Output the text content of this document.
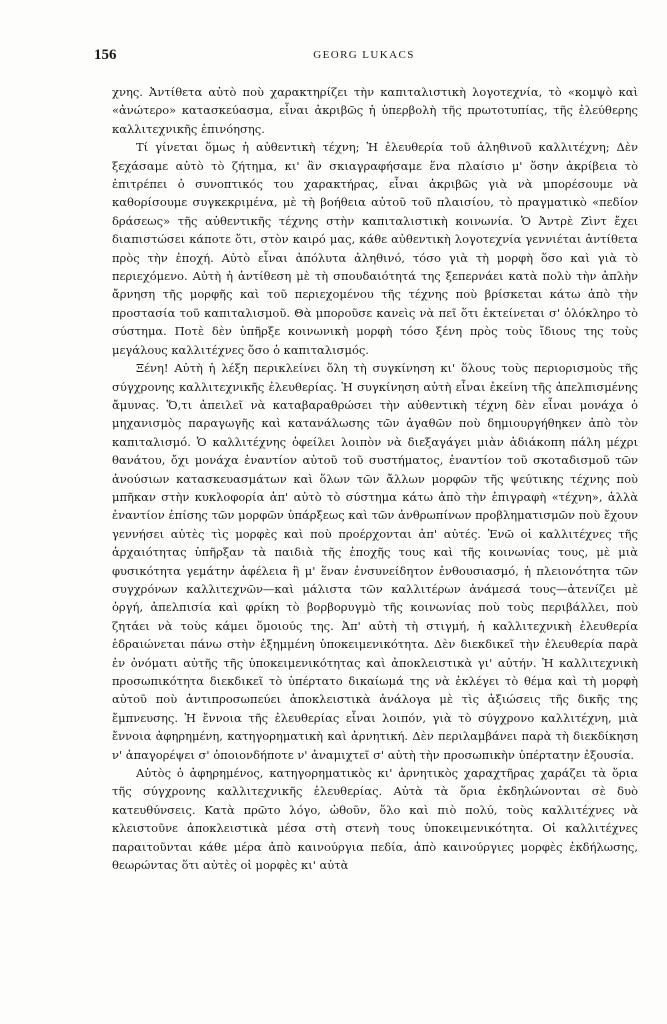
156	GEORG LUKACS

χνης. Ἀντίθετα αὐτὸ ποὺ χαρακτηρίζει τὴν καπιταλιστικὴ λογοτεχνία, τὸ «κομψὸ καὶ «ἀνώτερο» κατασκεύασμα, εἶναι ἀκριβῶς ἡ ὑπερβολὴ τῆς πρωτοτυπίας, τῆς ἐλεύθερης καλλιτεχνικῆς ἐπινόησης.

Τί γίνεται ὅμως ἡ αὐθεντικὴ τέχνη; Ἡ ἐλευθερία τοῦ ἀληθινοῦ καλλιτέχνη; Δὲν ξεχάσαμε αὐτὸ τὸ ζήτημα, κι' ἂν σκιαγραφήσαμε ἕνα πλαίσιο μ' ὅσην ἀκρίβεια τὸ ἐπιτρέπει ὁ συνοπτικός του χαρακτήρας, εἶναι ἀκριβῶς γιὰ νὰ μπορέσουμε νὰ καθορίσουμε συγκεκριμένα, μὲ τὴ βοήθεια αὐτοῦ τοῦ πλαισίου, τὸ πραγματικὸ «πεδίον δράσεως» τῆς αὐθεντικῆς τέχνης στὴν καπιταλιστικὴ κοινωνία. Ὁ Ἀντρὲ Ζὶντ ἔχει διαπιστώσει κάποτε ὅτι, στὸν καιρό μας, κάθε αὐθεντικὴ λογοτεχνία γεννιέται ἀντίθετα πρὸς τὴν ἐποχή. Αὐτὸ εἶναι ἀπόλυτα ἀληθινό, τόσο γιὰ τὴ μορφὴ ὅσο καὶ γιὰ τὸ περιεχόμενο. Αὐτὴ ἡ ἀντίθεση μὲ τὴ σπουδαιότητά της ξεπερνάει κατὰ πολὺ τὴν ἁπλὴν ἄρνηση τῆς μορφῆς καὶ τοῦ περιεχομένου τῆς τέχνης ποὺ βρίσκεται κάτω ἀπὸ τὴν προστασία τοῦ καπιταλισμοῦ. Θὰ μποροῦσε κανεὶς νὰ πεῖ ὅτι ἐκτείνεται σ' ὁλόκληρο τὸ σύστημα. Ποτὲ δὲν ὑπῆρξε κοινωνικὴ μορφὴ τόσο ξένη πρὸς τοὺς ἴδιους της τοὺς μεγάλους καλλιτέχνες ὅσο ὁ καπιταλισμός.

Ξένη! Αὐτὴ ἡ λέξη περικλείνει ὅλη τὴ συγκίνηση κι' ὅλους τοὺς περιορισμοὺς τῆς σύγχρονης καλλιτεχνικῆς ἐλευθερίας. Ἡ συγκίνηση αὐτὴ εἶναι ἐκείνη τῆς ἀπελπισμένης ἄμυνας. Ὅ,τι ἀπειλεῖ νὰ καταβαραθρώσει τὴν αὐθεντικὴ τέχνη δὲν εἶναι μονάχα ὁ μηχανισμὸς παραγωγῆς καὶ κατανάλωσης τῶν ἀγαθῶν ποὺ δημιουργήθηκεν ἀπὸ τὸν καπιταλισμό. Ὁ καλλιτέχνης ὀφείλει λοιπὸν νὰ διεξαγάγει μιὰν ἀδιάκοπη πάλη μέχρι θανάτου, ὄχι μονάχα ἐναντίον αὐτοῦ τοῦ συστήματος, ἐναντίον τοῦ σκοταδισμοῦ τῶν ἀνούσιων κατασκευασμάτων καὶ ὅλων τῶν ἄλλων μορφῶν τῆς ψεύτικης τέχνης ποὺ μπῆκαν στὴν κυκλοφορία ἀπ' αὐτὸ τὸ σύστημα κάτω ἀπὸ τὴν ἐπιγραφὴ «τέχνη», ἀλλὰ ἐναντίον ἐπίσης τῶν μορφῶν ὑπάρξεως καὶ τῶν ἀνθρωπίνων προβληματισμῶν ποὺ ἔχουν γεννήσει αὐτὲς τὶς μορφὲς καὶ ποὺ προέρχονται ἀπ' αὐτές. Ἐνῶ οἱ καλλιτέχνες τῆς ἀρχαιότητας ὑπῆρξαν τὰ παιδιὰ τῆς ἐποχῆς τους καὶ τῆς κοινωνίας τους, μὲ μιὰ φυσικότητα γεμάτην ἀφέλεια ἢ μ' ἕναν ἐνσυνείδητον ἐνθουσιασμό, ἡ πλειονότητα τῶν συγχρόνων καλλιτεχνῶν—καὶ μάλιστα τῶν καλλιτέρων ἀνάμεσά τους—ἀτενίζει μὲ ὀργή, ἀπελπισία καὶ φρίκη τὸ βορβορυγμὸ τῆς κοινωνίας ποὺ τοὺς περιβάλλει, ποὺ ζητάει νὰ τοὺς κάμει ὅμοιούς της. Ἀπ' αὐτὴ τὴ στιγμή, ἡ καλλιτεχνικὴ ἐλευθερία ἑδραιώνεται πάνω στὴν ἐξημμένη ὑποκειμενικότητα. Δὲν διεκδικεῖ τὴν ἐλευθερία παρὰ ἐν ὀνόματι αὐτῆς τῆς ὑποκειμενικότητας καὶ ἀποκλειστικὰ γι' αὐτήν. Ἡ καλλιτεχνικὴ προσωπικότητα διεκδικεῖ τὸ ὑπέρτατο δικαίωμά της νὰ ἐκλέγει τὸ θέμα καὶ τὴ μορφὴ αὐτοῦ ποὺ ἀντιπροσωπεύει ἀποκλειστικὰ ἀνάλογα μὲ τὶς ἀξιώσεις τῆς δικῆς της ἔμπνευσης. Ἡ ἔννοια τῆς ἐλευθερίας εἶναι λοιπόν, γιὰ τὸ σύγχρονο καλλιτέχνη, μιὰ ἔννοια ἀφηρημένη, κατηγορηματικὴ καὶ ἀρνητική. Δὲν περιλαμβάνει παρὰ τὴ διεκδίκηση ν' ἀπαγορέψει σ' ὁποιονδήποτε ν' ἀναμιχτεῖ σ' αὐτὴ τὴν προσωπικὴν ὑπέρτατην ἐξουσία.

Αὐτὸς ὁ ἀφηρημένος, κατηγορηματικὸς κι' ἀρνητικὸς χαραχτῆρας χαράζει τὰ ὅρια τῆς σύγχρονης καλλιτεχνικῆς ἐλευθερίας. Αὐτὰ τὰ ὅρια ἐκδηλώνονται σὲ δυὸ κατευθύνσεις. Κατὰ πρῶτο λόγο, ὠθοῦν, ὅλο καὶ πιὸ πολύ, τοὺς καλλιτέχνες νὰ κλειστοῦνε ἀποκλειστικὰ μέσα στὴ στενὴ τους ὑποκειμενικότητα. Οἱ καλλιτέχνες παραιτοῦνται κάθε μέρα ἀπὸ καινούργια πεδία, ἀπὸ καινούργιες μορφὲς ἐκδήλωσης, θεωρώντας ὅτι αὐτὲς οἱ μορφὲς κι' αὐτὰ
